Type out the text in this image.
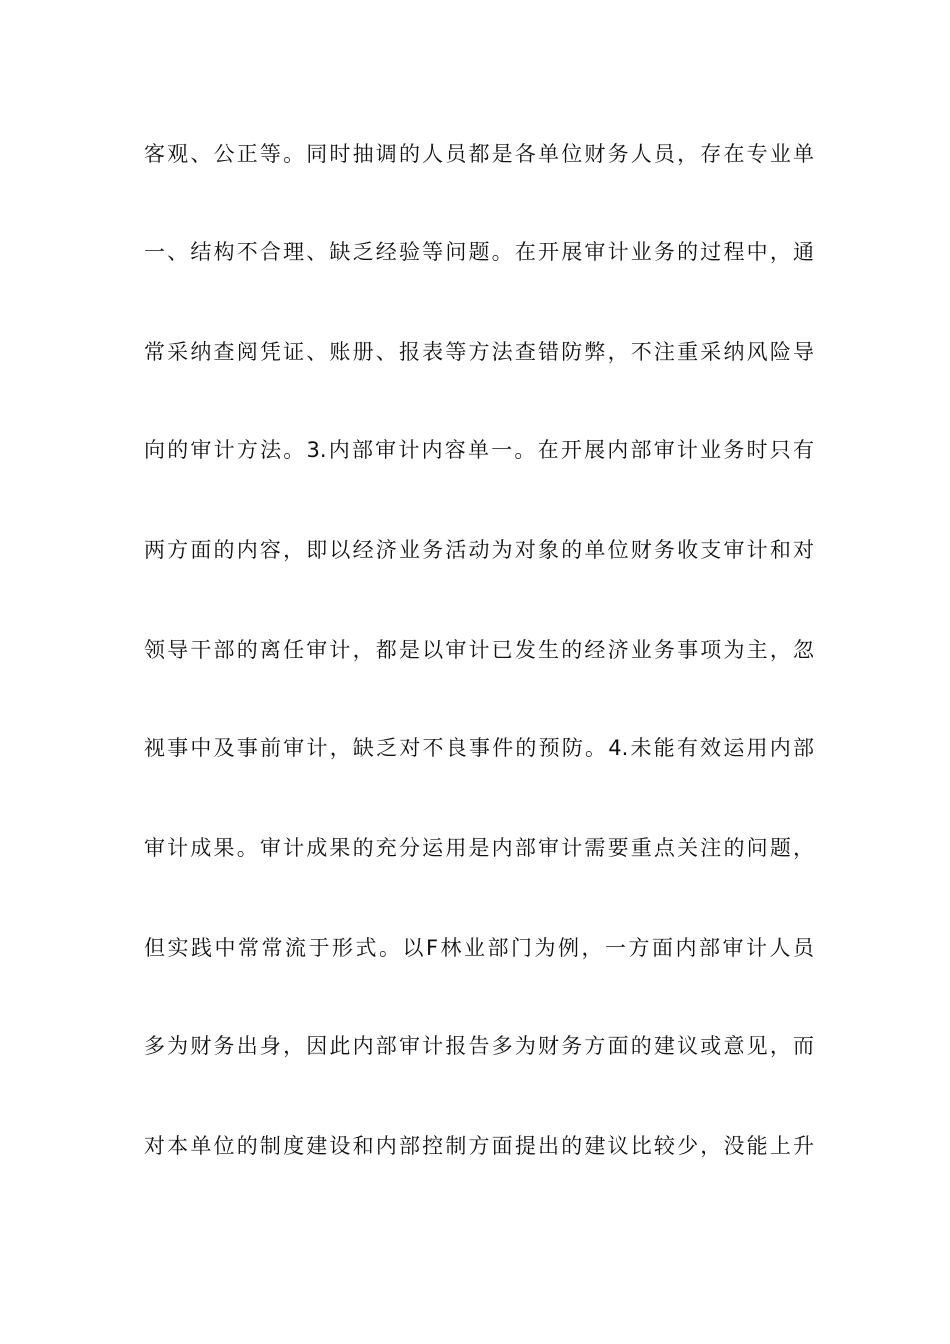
客观、公正等。同时抽调的人员都是各单位财务人员，存在专业单
一、结构不合理、缺乏经验等问题。在开展审计业务的过程中，通
常采纳查阅凭证、账册、报表等方法查错防弊，不注重采纳风险导
向的审计方法。3.内部审计内容单一。在开展内部审计业务时只有
两方面的内容，即以经济业务活动为对象的单位财务收支审计和对
领导干部的离任审计，都是以审计已发生的经济业务事项为主，忽
视事中及事前审计，缺乏对不良事件的预防。4.未能有效运用内部
审计成果。审计成果的充分运用是内部审计需要重点关注的问题，
但实践中常常流于形式。以F林业部门为例，一方面内部审计人员
多为财务出身，因此内部审计报告多为财务方面的建议或意见，而
对本单位的制度建设和内部控制方面提出的建议比较少，没能上升
